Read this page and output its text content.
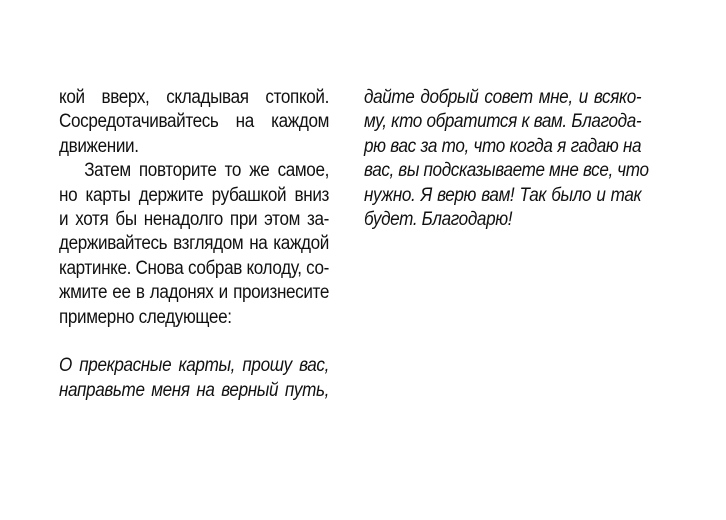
кой вверх, складывая стопкой.
Сосредотачивайтесь на каждом
движении.
Затем повторите то же самое,
но карты держите рубашкой вниз
и хотя бы ненадолго при этом за-
держивайтесь взглядом на каждой
картинке. Снова собрав колоду, со-
жмите ее в ладонях и произнесите
примерно следующее:
О прекрасные карты, прошу вас,
направьте меня на верный путь,
дайте добрый совет мне, и всяко-
му, кто обратится к вам. Благода-
рю вас за то, что когда я гадаю на
вас, вы подсказываете мне все, что
нужно. Я верю вам! Так было и так
будет. Благодарю!
